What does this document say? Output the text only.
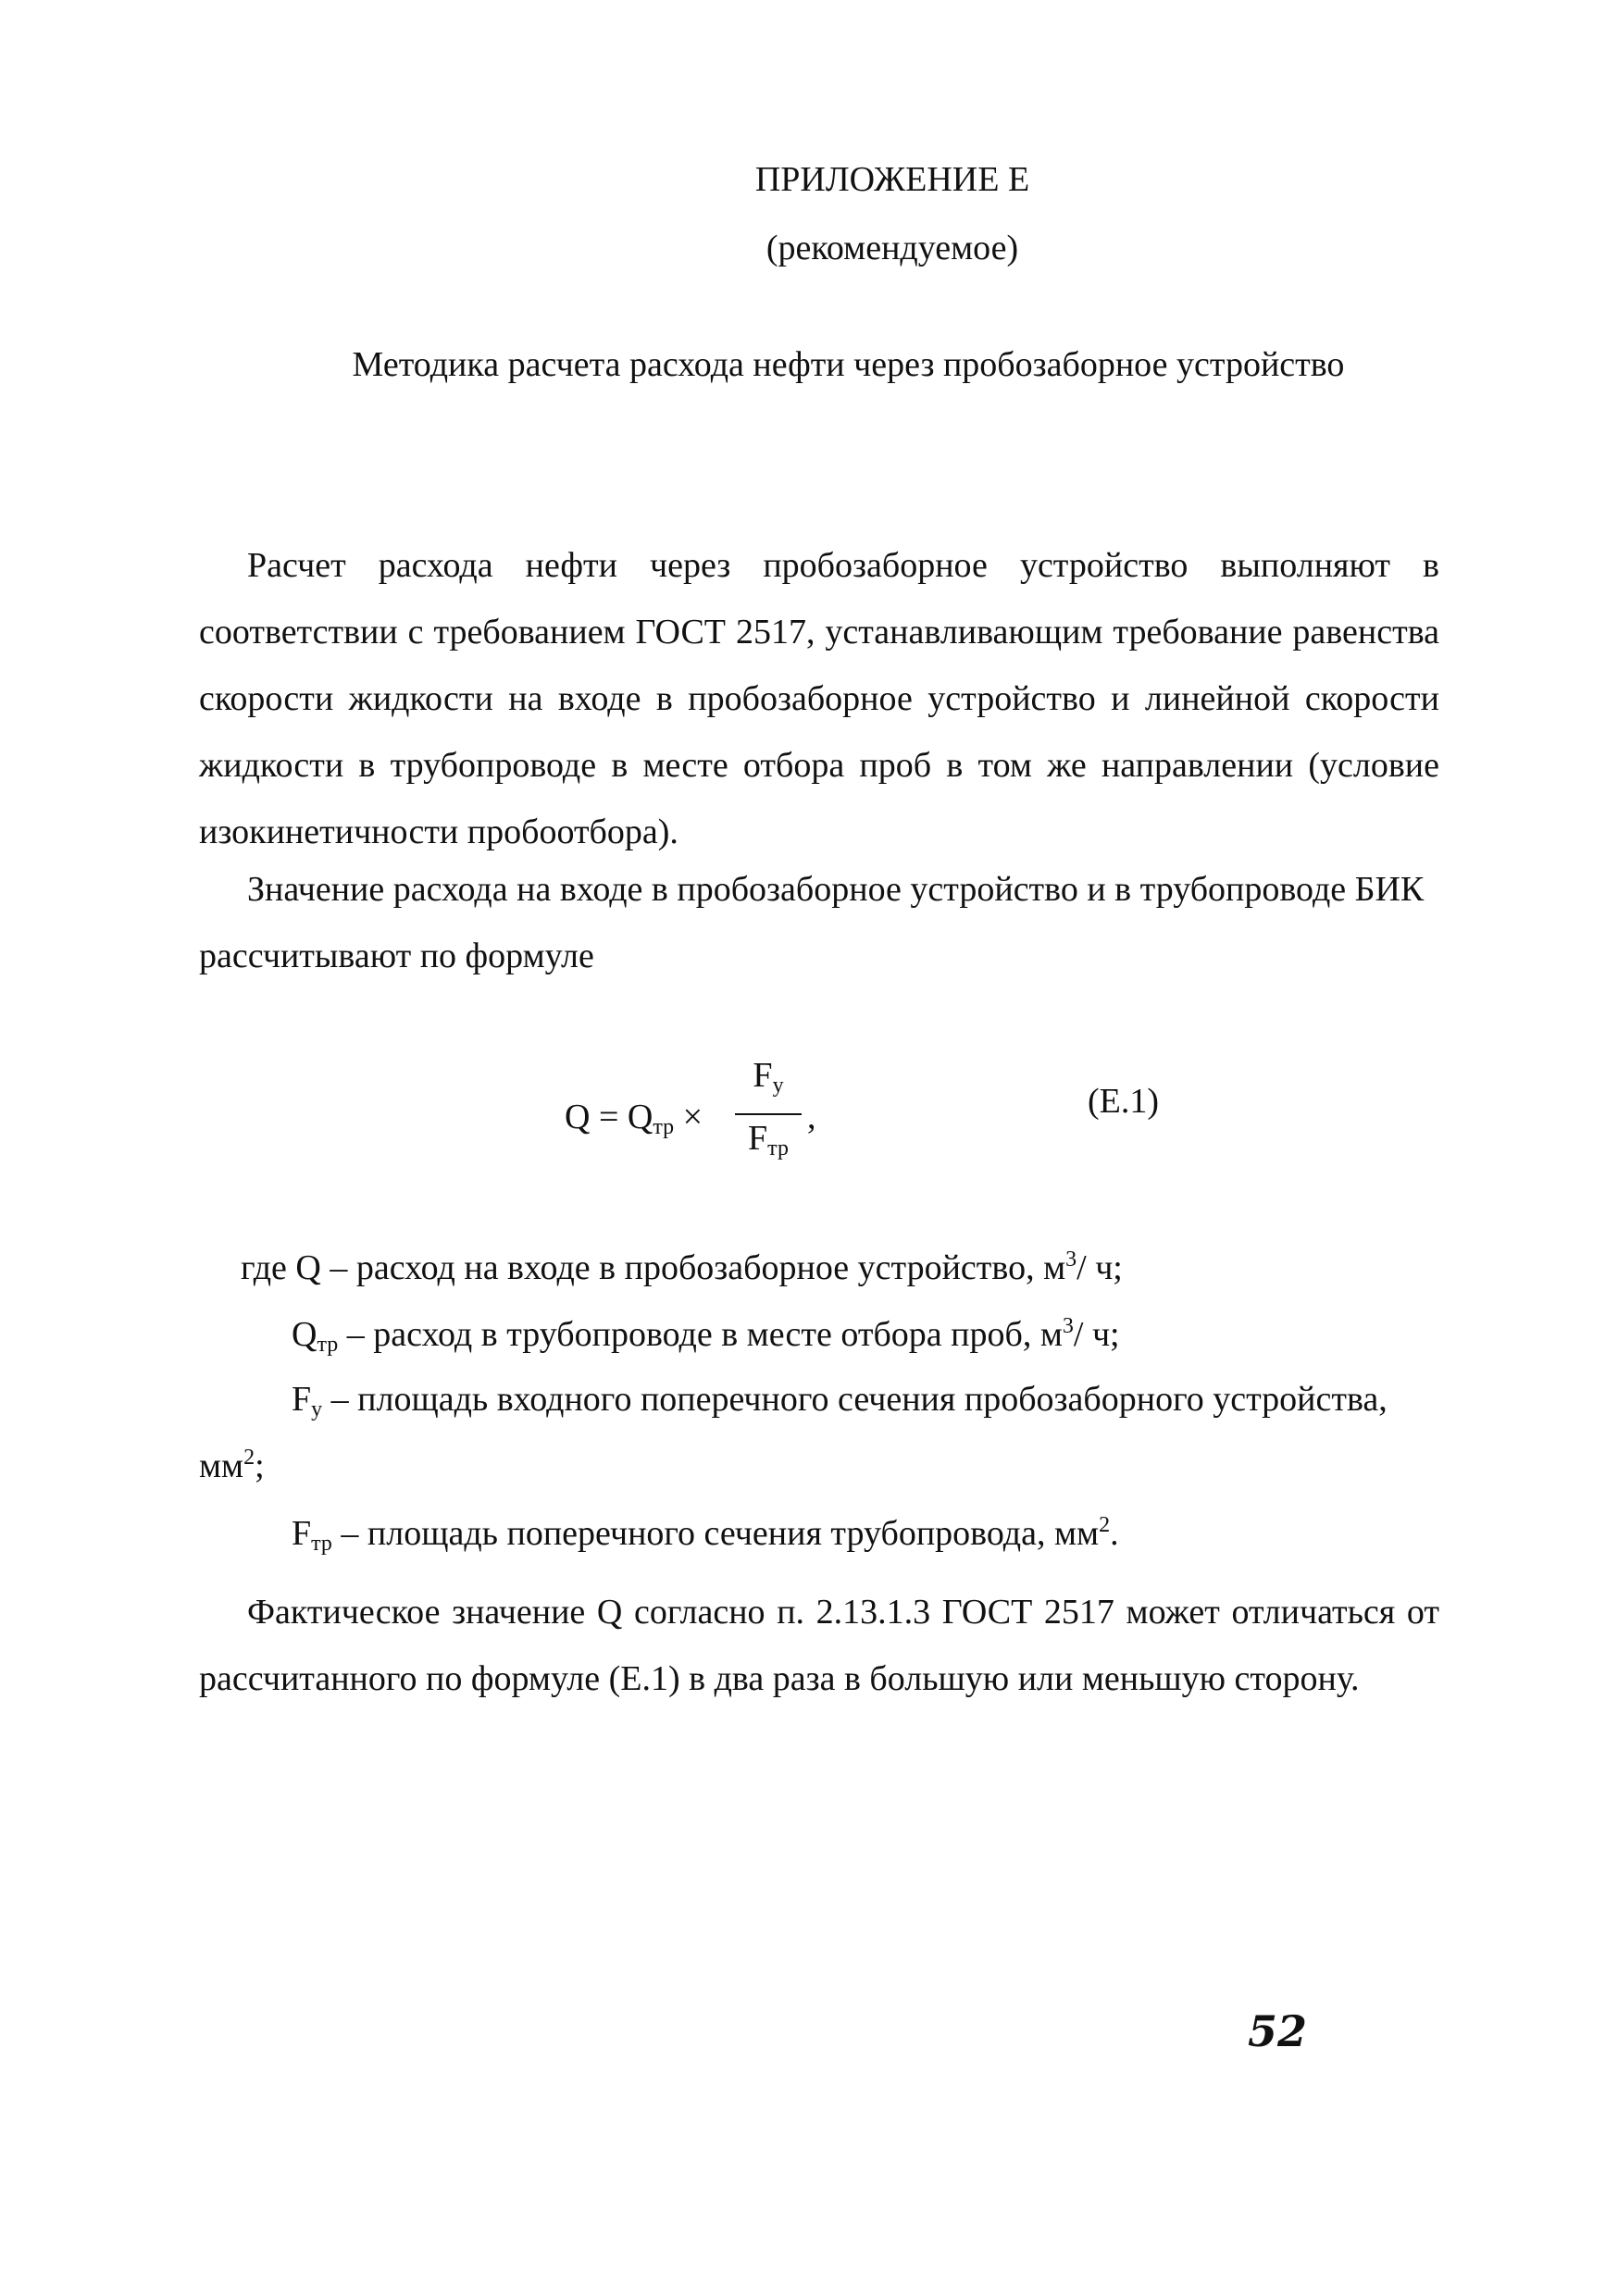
ПРИЛОЖЕНИЕ Е
(рекомендуемое)
Методика расчета расхода нефти через пробозаборное устройство
Расчет расхода нефти через пробозаборное устройство выполняют в соответствии с требованием ГОСТ 2517, устанавливающим требование равенства скорости жидкости на входе в пробозаборное устройство и линейной скорости жидкости в трубопроводе в месте отбора проб в том же направлении (условие изокинетичности пробоотбора).
Значение расхода на входе в пробозаборное устройство и в трубопроводе БИК рассчитывают по формуле
$Q = Q_{тр}$ ×
$F_у$
$F_{тр}$
,	(Е.1)
где Q – расход на входе в пробозаборное устройство, $м^3/$ ч;
$Q_{тр}$ – расход в трубопроводе в месте отбора проб, $м^3/$ ч;
$F_у$ – площадь входного поперечного сечения пробозаборного устройства,
$мм^2$;
$F_{тр}$ – площадь поперечного сечения трубопровода, $мм^2$.
Фактическое значение Q согласно п. 2.13.1.3 ГОСТ 2517 может отличаться от рассчитанного по формуле (Е.1) в два раза в большую или меньшую сторону.
52
